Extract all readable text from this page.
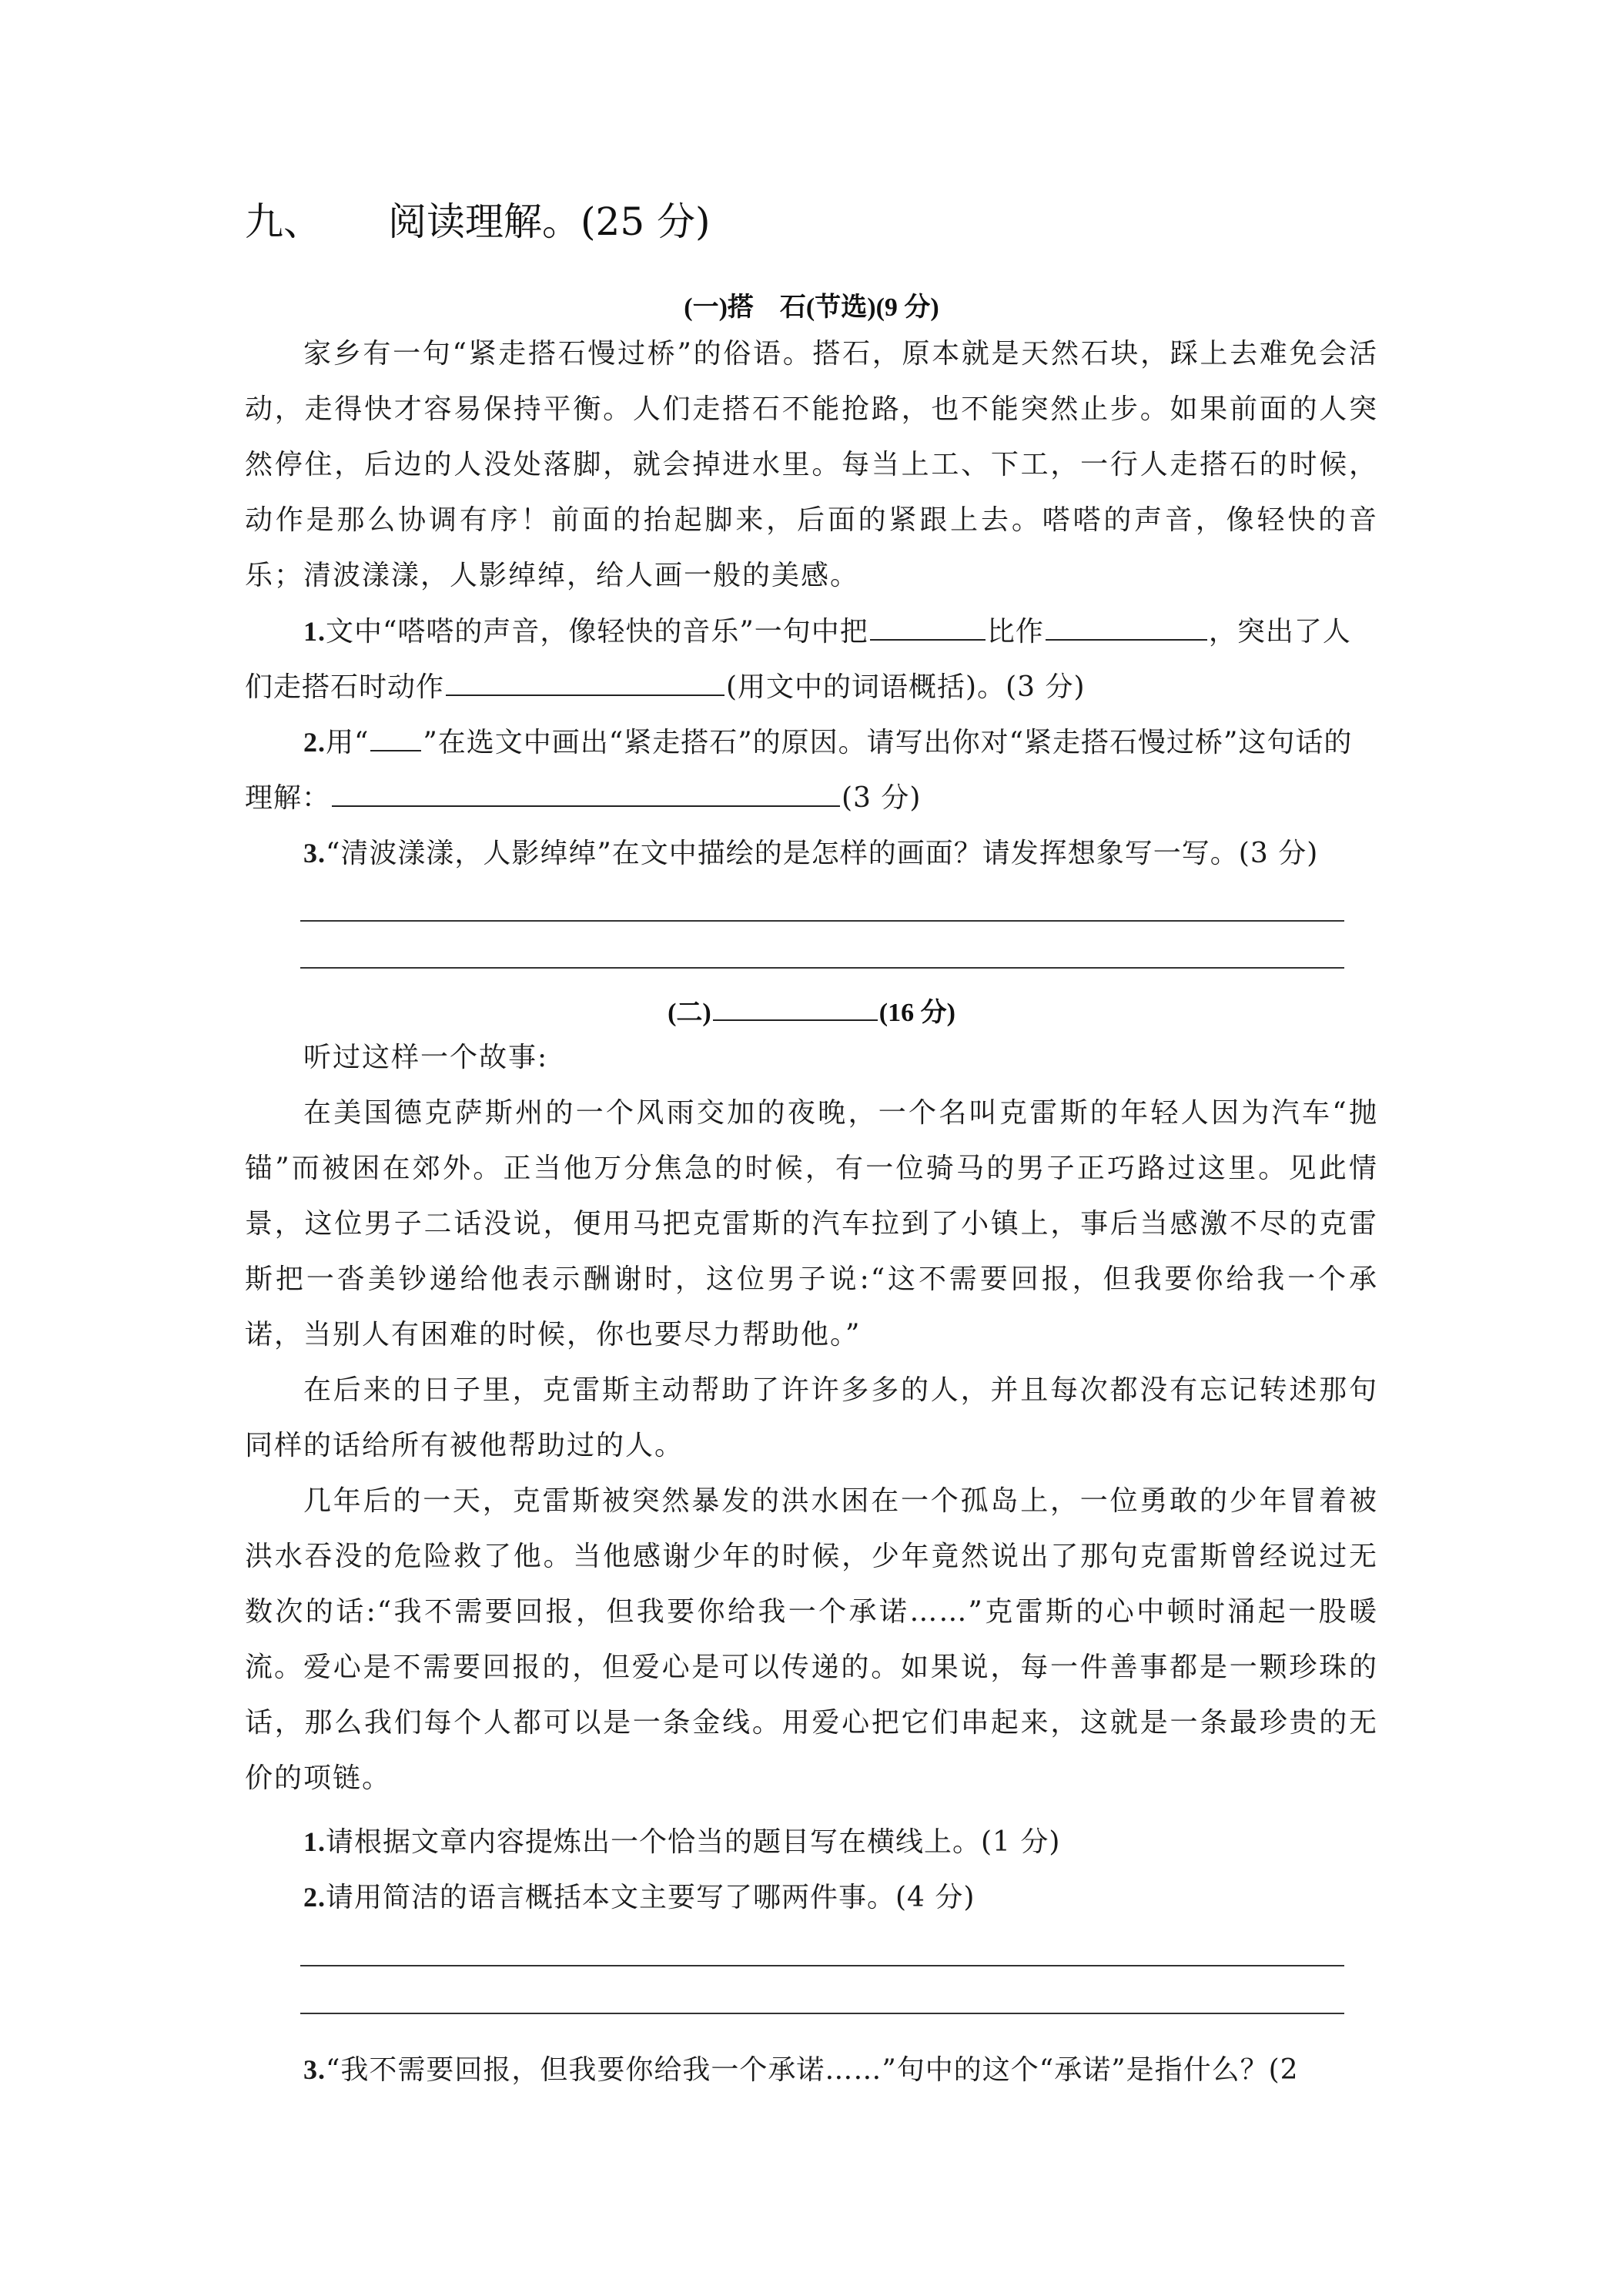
九、 阅读理解。(25 分)
(一)搭　石(节选)(9 分)

家乡有一句“紧走搭石慢过桥”的俗语。搭石，原本就是天然石块，踩上去难免会活动，走得快才容易保持平衡。人们走搭石不能抢路，也不能突然止步。如果前面的人突然停住，后边的人没处落脚，就会掉进水里。每当上工、下工，一行人走搭石的时候，动作是那么协调有序！前面的抬起脚来，后面的紧跟上去。嗒嗒的声音，像轻快的音乐；清波漾漾，人影绰绰，给人画一般的美感。

1.文中“嗒嗒的声音，像轻快的音乐”一句中把	比作	，突出了人们走搭石时动作	(用文中的词语概括)。(3 分)

2.用“ ”在选文中画出“紧走搭石”的原因。请写出你对“紧走搭石慢过桥”这句话的理解：	(3 分)

3.“清波漾漾，人影绰绰”在文中描绘的是怎样的画面？请发挥想象写一写。(3 分)

(二)	(16 分)

听过这样一个故事:

在美国德克萨斯州的一个风雨交加的夜晚，一个名叫克雷斯的年轻人因为汽车“抛锚”而被困在郊外。正当他万分焦急的时候，有一位骑马的男子正巧路过这里。见此情景，这位男子二话没说，便用马把克雷斯的汽车拉到了小镇上，事后当感激不尽的克雷斯把一沓美钞递给他表示酬谢时，这位男子说:“这不需要回报，但我要你给我一个承诺，当别人有困难的时候，你也要尽力帮助他。”

在后来的日子里，克雷斯主动帮助了许许多多的人，并且每次都没有忘记转述那句同样的话给所有被他帮助过的人。

几年后的一天，克雷斯被突然暴发的洪水困在一个孤岛上，一位勇敢的少年冒着被洪水吞没的危险救了他。当他感谢少年的时候，少年竟然说出了那句克雷斯曾经说过无数次的话:“我不需要回报，但我要你给我一个承诺……”克雷斯的心中顿时涌起一股暖流。 爱心是不需要回报的，但爱心是可以传递的。如果说，每一件善事都是一颗珍珠的话，那么我们每个人都可以是一条金线。用爱心把它们串起来，这就是一条最珍贵的无价的项链。

1.请根据文章内容提炼出一个恰当的题目写在横线上。(1 分)

2.请用简洁的语言概括本文主要写了哪两件事。(4 分)

3.“我不需要回报，但我要你给我一个承诺……”句中的这个“承诺”是指什么？(2
